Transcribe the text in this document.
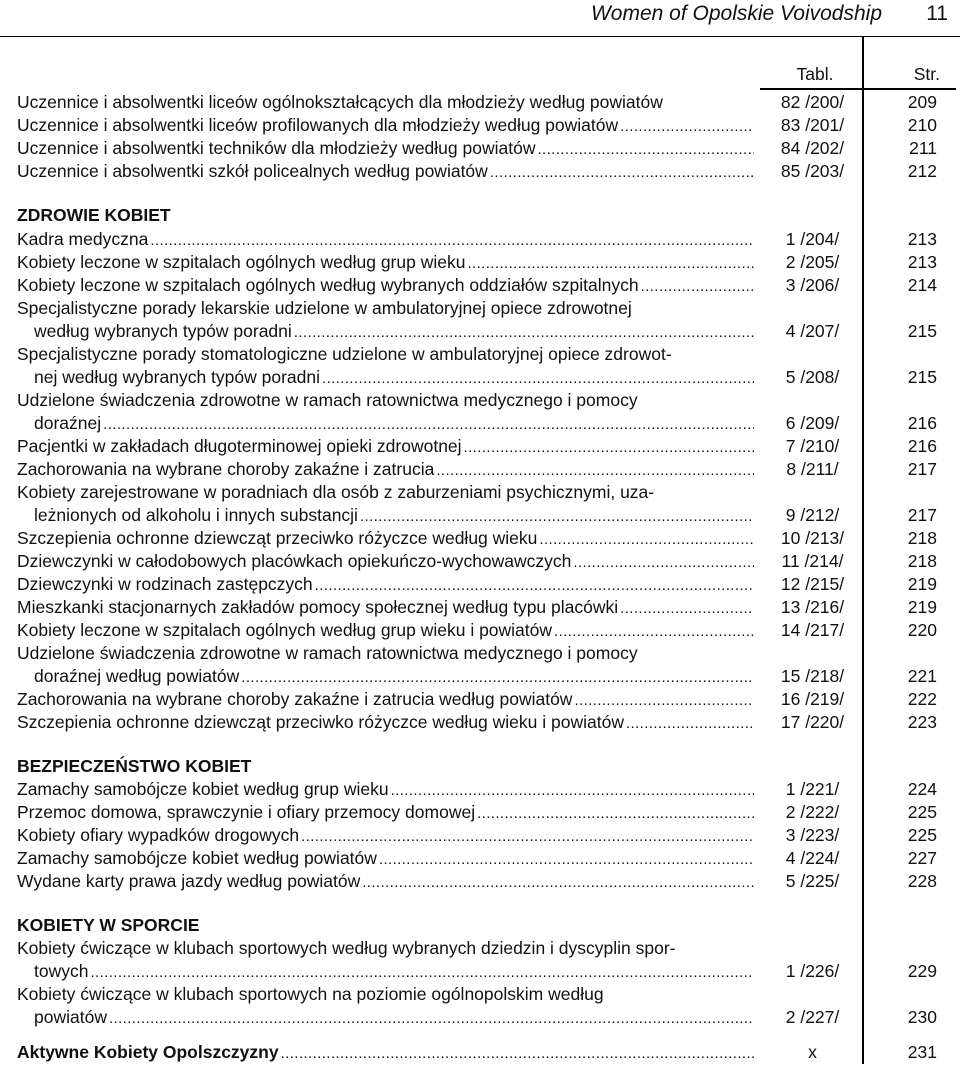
Women of Opolskie Voivodship 11
Tabl.	Str.
Uczennice i absolwentki liceów ogólnokształcących dla młodzieży według powiatów	82 /200/	209
Uczennice i absolwentki liceów profilowanych dla młodzieży według powiatów .....	83 /201/	210
Uczennice i absolwentki techników dla młodzieży według powiatów .....	84 /202/	211
Uczennice i absolwentki szkół policealnych według powiatów .....	85 /203/	212
ZDROWIE KOBIET
Kadra medyczna .....	1 /204/	213
Kobiety leczone w szpitalach ogólnych według grup wieku .....	2 /205/	213
Kobiety leczone w szpitalach ogólnych według wybranych oddziałów szpitalnych .....	3 /206/	214
Specjalistyczne porady lekarskie udzielone w ambulatoryjnej opiece zdrowotnej
według wybranych typów poradni .....	4 /207/	215
Specjalistyczne porady stomatologiczne udzielone w ambulatoryjnej opiece zdrowot-
nej według wybranych typów poradni .....	5 /208/	215
Udzielone świadczenia zdrowotne w ramach ratownictwa medycznego i pomocy
doraźnej .....	6 /209/	216
Pacjentki w zakładach długoterminowej opieki zdrowotnej .....	7 /210/	216
Zachorowania na wybrane choroby zakaźne i zatrucia .....	8 /211/	217
Kobiety zarejestrowane w poradniach dla osób z zaburzeniami psychicznymi, uza-
leżnionych od alkoholu i innych substancji .....	9 /212/	217
Szczepienia ochronne dziewcząt przeciwko różyczce według wieku .....	10 /213/	218
Dziewczynki w całodobowych placówkach opiekuńczo-wychowawczych .....	11 /214/	218
Dziewczynki w rodzinach zastępczych .....	12 /215/	219
Mieszkanki stacjonarnych zakładów pomocy społecznej według typu placówki .....	13 /216/	219
Kobiety leczone w szpitalach ogólnych według grup wieku i powiatów .....	14 /217/	220
Udzielone świadczenia zdrowotne w ramach ratownictwa medycznego i pomocy
doraźnej według powiatów .....	15 /218/	221
Zachorowania na wybrane choroby zakaźne i zatrucia według powiatów .....	16 /219/	222
Szczepienia ochronne dziewcząt przeciwko różyczce według wieku i powiatów .....	17 /220/	223
BEZPIECZEŃSTWO KOBIET
Zamachy samobójcze kobiet według grup wieku .....	1 /221/	224
Przemoc domowa, sprawczynie i ofiary przemocy domowej .....	2 /222/	225
Kobiety ofiary wypadków drogowych .....	3 /223/	225
Zamachy samobójcze kobiet według powiatów .....	4 /224/	227
Wydane karty prawa jazdy według powiatów .....	5 /225/	228
KOBIETY W SPORCIE
Kobiety ćwiczące w klubach sportowych według wybranych dziedzin i dyscyplin spor-
towych .....	1 /226/	229
Kobiety ćwiczące w klubach sportowych na poziomie ogólnopolskim według
powiatów .....	2 /227/	230
Aktywne Kobiety Opolszczyzny .....	x	231
